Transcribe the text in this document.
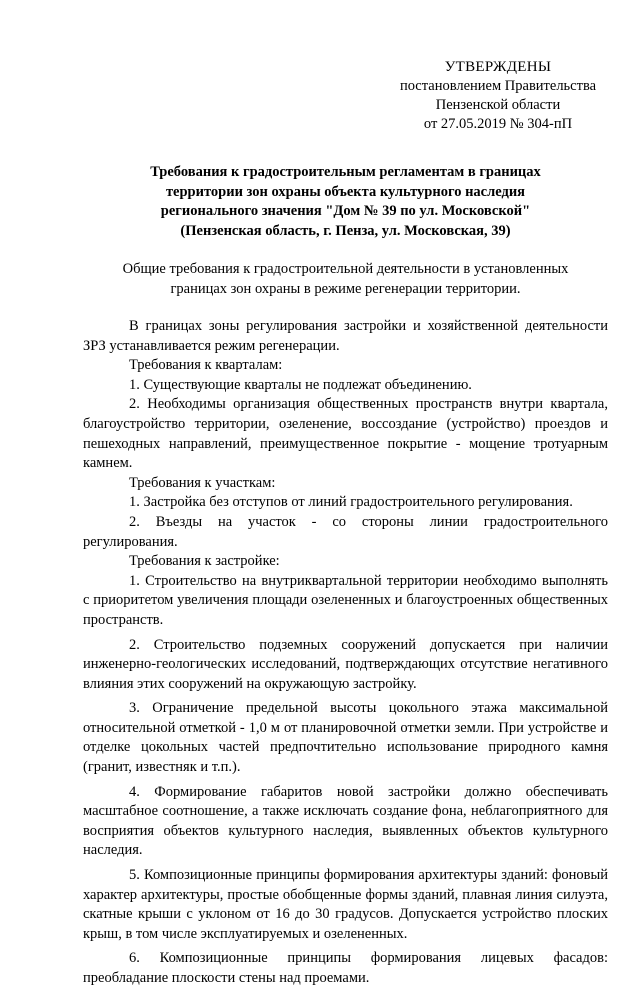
УТВЕРЖДЕНЫ
постановлением Правительства
Пензенской области
от 27.05.2019 № 304-пП
Требования к градостроительным регламентам в границах
территории зон охраны объекта культурного наследия
регионального значения "Дом № 39 по ул. Московской"
(Пензенская область, г. Пенза, ул. Московская, 39)
Общие требования к градостроительной деятельности в установленных
границах зон охраны в режиме регенерации территории.

В границах зоны регулирования застройки и хозяйственной деятельности ЗРЗ устанавливается режим регенерации.

Требования к кварталам:

1. Существующие кварталы не подлежат объединению.

2. Необходимы организация общественных пространств внутри квартала, благоустройство территории, озеленение, воссоздание (устройство) проездов и пешеходных направлений, преимущественное покрытие - мощение тротуарным камнем.

Требования к участкам:

1. Застройка без отступов от линий градостроительного регулирования.

2. Въезды на участок - со стороны линии градостроительного регулирования.

Требования к застройке:

1. Строительство на внутриквартальной территории необходимо выполнять с приоритетом увеличения площади озелененных и благоустроенных общественных пространств.

2. Строительство подземных сооружений допускается при наличии инженерно-геологических исследований, подтверждающих отсутствие негативного влияния этих сооружений на окружающую застройку.

3. Ограничение предельной высоты цокольного этажа максимальной относительной отметкой - 1,0 м от планировочной отметки земли. При устройстве и отделке цокольных частей предпочтительно использование природного камня (гранит, известняк и т.п.).

4. Формирование габаритов новой застройки должно обеспечивать масштабное соотношение, а также исключать создание фона, неблагоприятного для восприятия объектов культурного наследия, выявленных объектов культурного наследия.

5. Композиционные принципы формирования архитектуры зданий: фоновый характер архитектуры, простые обобщенные формы зданий, плавная линия силуэта, скатные крыши с уклоном от 16 до 30 градусов. Допускается устройство плоских крыш, в том числе эксплуатируемых и озелененных.

6. Композиционные принципы формирования лицевых фасадов: преобладание плоскости стены над проемами.
